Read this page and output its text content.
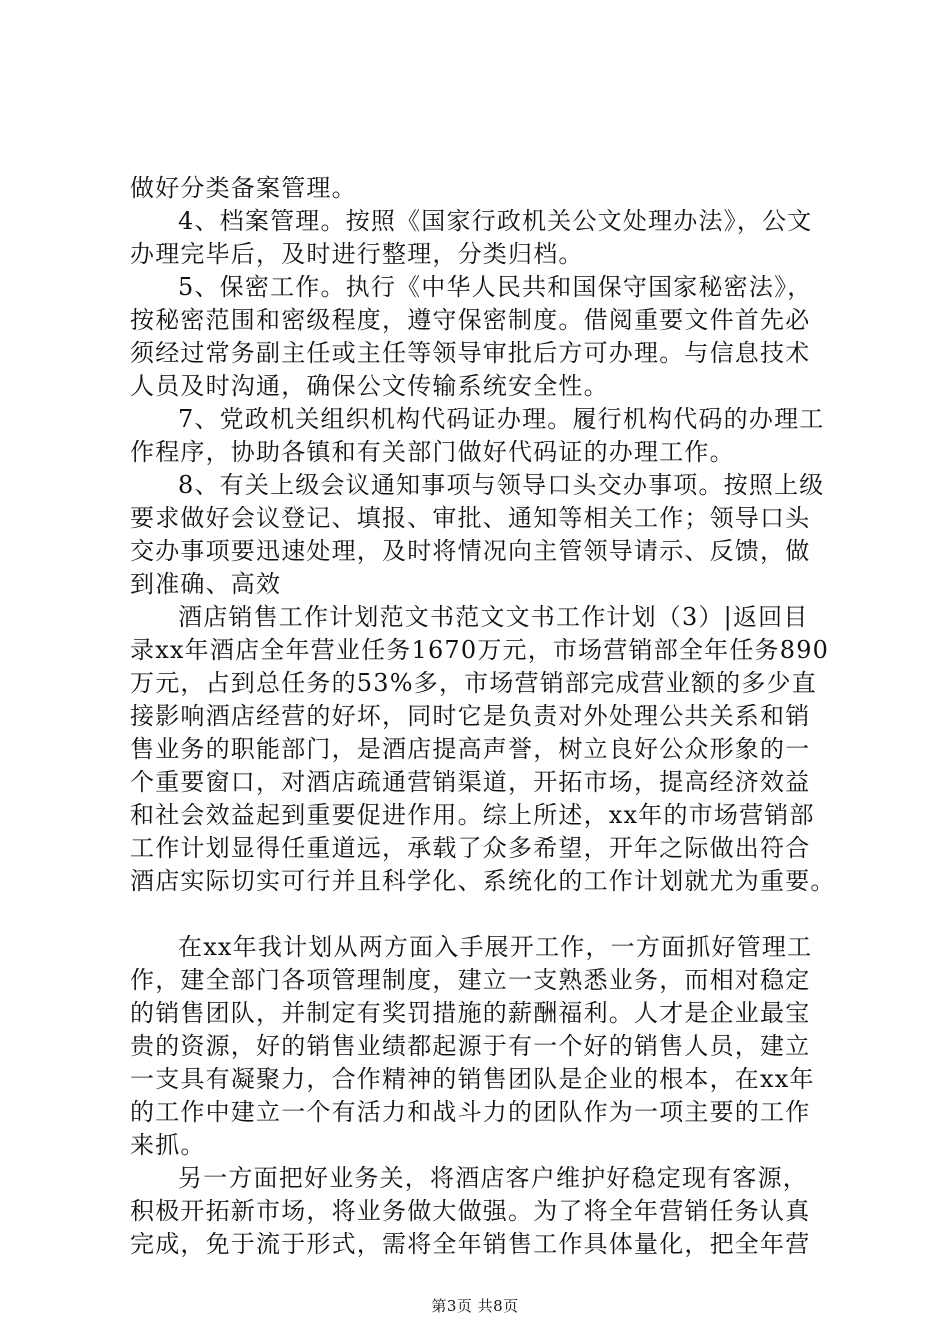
做好分类备案管理。
4、档案管理。按照《国家行政机关公文处理办法》，公文
办理完毕后，及时进行整理，分类归档。
5、保密工作。执行《中华人民共和国保守国家秘密法》，
按秘密范围和密级程度，遵守保密制度。借阅重要文件首先必
须经过常务副主任或主任等领导审批后方可办理。与信息技术
人员及时沟通，确保公文传输系统安全性。
7、党政机关组织机构代码证办理。履行机构代码的办理工
作程序，协助各镇和有关部门做好代码证的办理工作。
8、有关上级会议通知事项与领导口头交办事项。按照上级
要求做好会议登记、填报、审批、通知等相关工作；领导口头
交办事项要迅速处理，及时将情况向主管领导请示、反馈，做
到准确、高效
酒店销售工作计划范文书范文文书工作计划（3）|返回目
录xx年酒店全年营业任务1670万元，市场营销部全年任务890
万元，占到总任务的53%多，市场营销部完成营业额的多少直
接影响酒店经营的好坏，同时它是负责对外处理公共关系和销
售业务的职能部门，是酒店提高声誉，树立良好公众形象的一
个重要窗口，对酒店疏通营销渠道，开拓市场，提高经济效益
和社会效益起到重要促进作用。综上所述，xx年的市场营销部
工作计划显得任重道远，承载了众多希望，开年之际做出符合
酒店实际切实可行并且科学化、系统化的工作计划就尤为重要。
在xx年我计划从两方面入手展开工作，一方面抓好管理工
作，建全部门各项管理制度，建立一支熟悉业务，而相对稳定
的销售团队，并制定有奖罚措施的薪酬福利。人才是企业最宝
贵的资源，好的销售业绩都起源于有一个好的销售人员，建立
一支具有凝聚力，合作精神的销售团队是企业的根本，在xx年
的工作中建立一个有活力和战斗力的团队作为一项主要的工作
来抓。
另一方面把好业务关，将酒店客户维护好稳定现有客源，
积极开拓新市场，将业务做大做强。为了将全年营销任务认真
完成，免于流于形式，需将全年销售工作具体量化，把全年营
第3页 共8页
